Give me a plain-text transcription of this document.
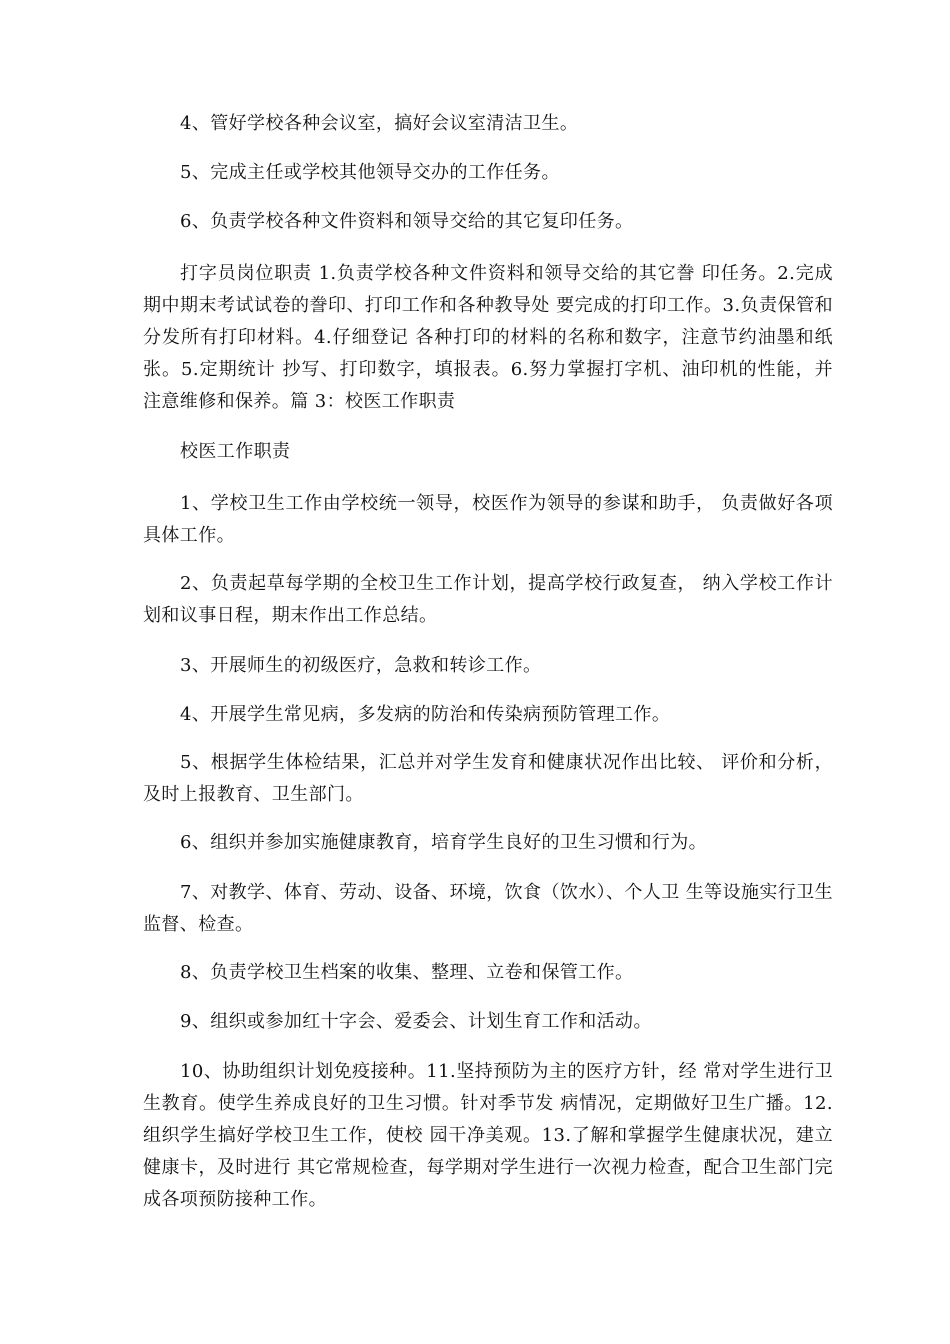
4、管好学校各种会议室，搞好会议室清洁卫生。

5、完成主任或学校其他领导交办的工作任务。

6、负责学校各种文件资料和领导交给的其它复印任务。

打字员岗位职责 1.负责学校各种文件资料和领导交给的其它誊 印任务。2.完成期中期末考试试卷的誊印、打印工作和各种教导处 要完成的打印工作。3.负责保管和分发所有打印材料。4.仔细登记 各种打印的材料的名称和数字，注意节约油墨和纸张。5.定期统计 抄写、打印数字，填报表。6.努力掌握打字机、油印机的性能，并 注意维修和保养。篇 3：校医工作职责

校医工作职责

1、学校卫生工作由学校统一领导，校医作为领导的参谋和助手， 负责做好各项具体工作。

2、负责起草每学期的全校卫生工作计划，提高学校行政复查， 纳入学校工作计划和议事日程，期末作出工作总结。

3、开展师生的初级医疗，急救和转诊工作。

4、开展学生常见病，多发病的防治和传染病预防管理工作。

5、根据学生体检结果，汇总并对学生发育和健康状况作出比较、 评价和分析，及时上报教育、卫生部门。

6、组织并参加实施健康教育，培育学生良好的卫生习惯和行为。

7、对教学、体育、劳动、设备、环境，饮食（饮水）、个人卫 生等设施实行卫生监督、检查。

8、负责学校卫生档案的收集、整理、立卷和保管工作。

9、组织或参加红十字会、爱委会、计划生育工作和活动。

10、协助组织计划免疫接种。11.坚持预防为主的医疗方针，经 常对学生进行卫生教育。使学生养成良好的卫生习惯。针对季节发 病情况，定期做好卫生广播。12.组织学生搞好学校卫生工作，使校 园干净美观。13.了解和掌握学生健康状况，建立健康卡，及时进行 其它常规检查，每学期对学生进行一次视力检查，配合卫生部门完 成各项预防接种工作。
